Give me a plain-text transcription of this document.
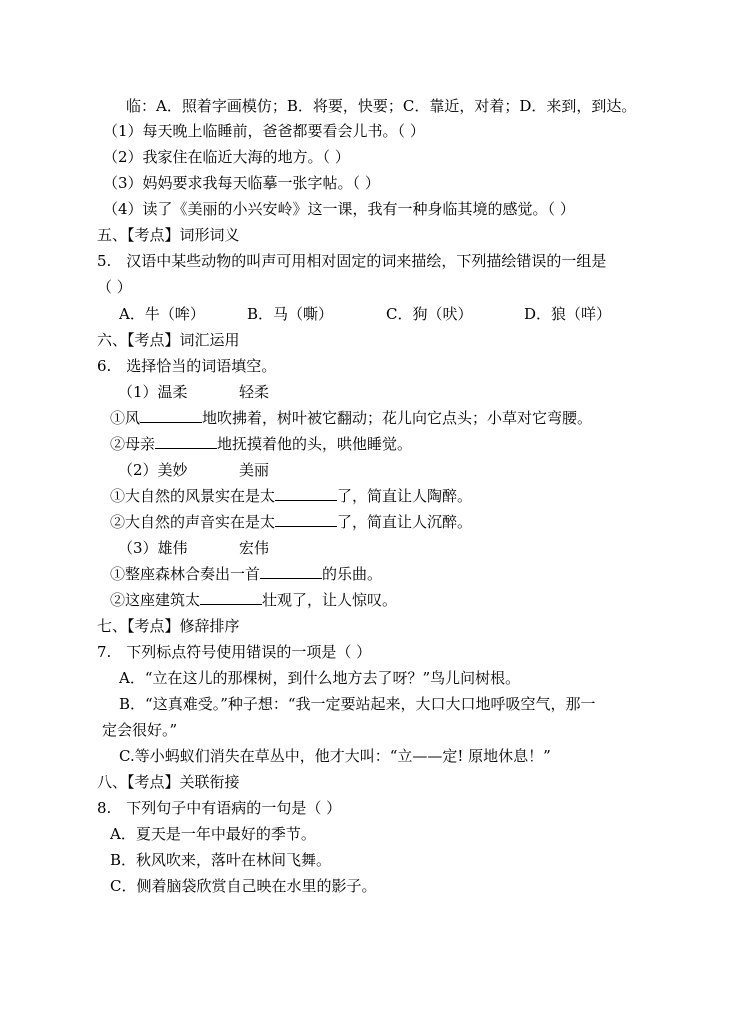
临：A．照着字画模仿；B．将要，快要；C．靠近，对着；D．来到，到达。
（1）每天晚上临睡前，爸爸都要看会儿书。（ ）
（2）我家住在临近大海的地方。（ ）
（3）妈妈要求我每天临摹一张字帖。（ ）
（4）读了《美丽的小兴安岭》这一课，我有一种身临其境的感觉。（ ）
五、【考点】词形词义
5.　汉语中某些动物的叫声可用相对固定的词来描绘，下列描绘错误的一组是
（ ）
A．牛（哞）	B．马（嘶）	C．狗（吠）	D．狼（咩）
六、【考点】词汇运用
6.　选择恰当的词语填空。
（1）温柔	轻柔
①风	地吹拂着，树叶被它翻动；花儿向它点头；小草对它弯腰。
②母亲	地抚摸着他的头，哄他睡觉。
（2）美妙	美丽
①大自然的风景实在是太	了，简直让人陶醉。
②大自然的声音实在是太	了，简直让人沉醉。
（3）雄伟	宏伟
①整座森林合奏出一首	的乐曲。
②这座建筑太	壮观了，让人惊叹。
七、【考点】修辞排序
7.　下列标点符号使用错误的一项是（ ）
A．“立在这儿的那棵树，到什么地方去了呀？”鸟儿问树根。
B．“这真难受。”种子想：“我一定要站起来，大口大口地呼吸空气，那一
定会很好。”
C.等小蚂蚁们消失在草丛中，他才大叫：“立——定! 原地休息！”
八、【考点】关联衔接
8.　下列句子中有语病的一句是（ ）
A．夏天是一年中最好的季节。
B．秋风吹来，落叶在林间飞舞。
C．侧着脑袋欣赏自己映在水里的影子。
